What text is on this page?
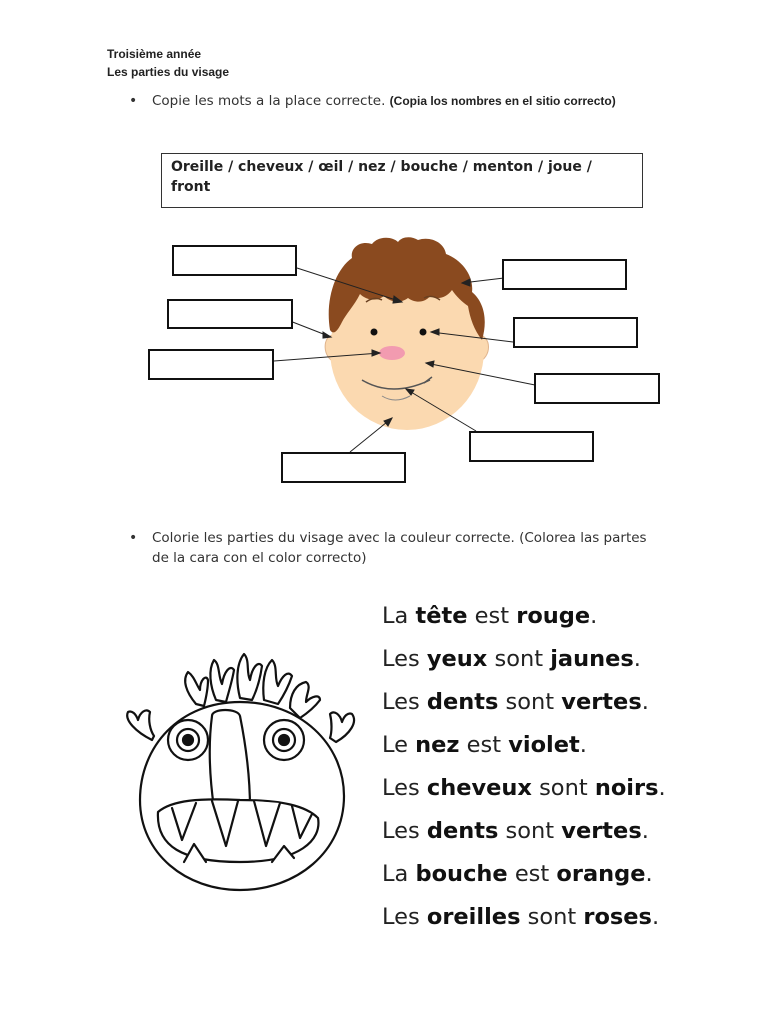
Troisième année
Les parties du visage
• Copie les mots a la place correcte. (Copia los nombres en el sitio correcto)
Oreille / cheveux / œil / nez / bouche / menton / joue / front
• Colorie les parties du visage avec la couleur correcte. (Colorea las partes de la cara con el color correcto)
La tête est rouge.
Les yeux sont jaunes.
Les dents sont vertes.
Le nez est violet.
Les cheveux sont noirs.
Les dents sont vertes.
La bouche est orange.
Les oreilles sont roses.
